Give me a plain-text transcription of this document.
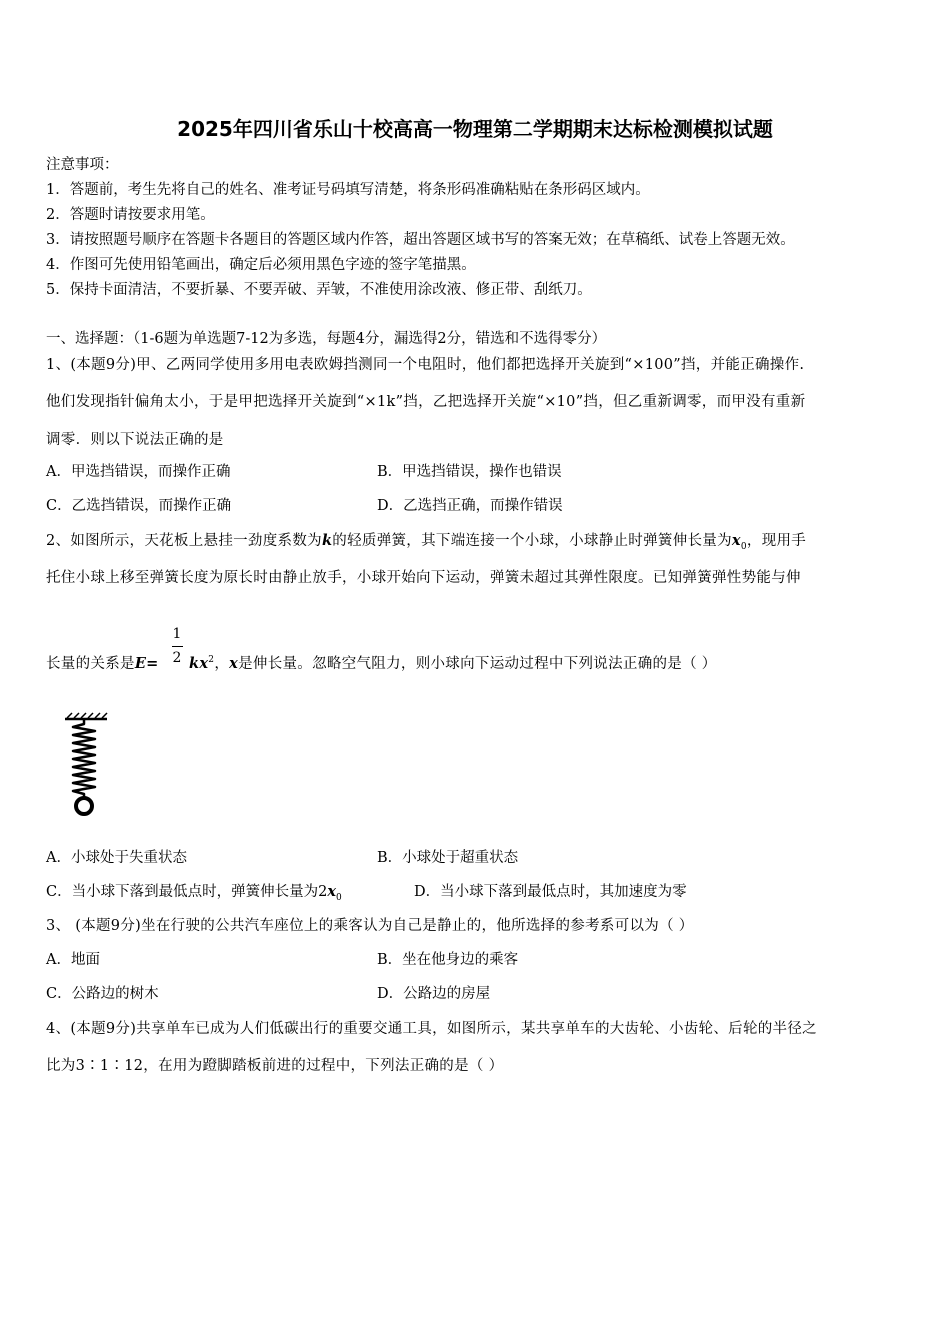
2025年四川省乐山十校高高一物理第二学期期末达标检测模拟试题
注意事项：
1．答题前，考生先将自己的姓名、准考证号码填写清楚，将条形码准确粘贴在条形码区域内。
2．答题时请按要求用笔。
3．请按照题号顺序在答题卡各题目的答题区域内作答，超出答题区域书写的答案无效；在草稿纸、试卷上答题无效。
4．作图可先使用铅笔画出，确定后必须用黑色字迹的签字笔描黑。
5．保持卡面清洁，不要折暴、不要弄破、弄皱，不准使用涂改液、修正带、刮纸刀。
一、选择题：（1-6题为单选题7-12为多选，每题4分，漏选得2分，错选和不选得零分）
1、(本题9分)甲、乙两同学使用多用电表欧姆挡测同一个电阻时，他们都把选择开关旋到“×100”挡，并能正确操作.
他们发现指针偏角太小，于是甲把选择开关旋到“×1k”挡，乙把选择开关旋“×10”挡，但乙重新调零，而甲没有重新
调零．则以下说法正确的是
A．甲选挡错误，而操作正确	B．甲选挡错误，操作也错误
C．乙选挡错误，而操作正确	D．乙选挡正确，而操作错误
2、如图所示，天花板上悬挂一劲度系数为k的轻质弹簧，其下端连接一个小球，小球静止时弹簧伸长量为$x_0$，现用手
托住小球上移至弹簧长度为原长时由静止放手，小球开始向下运动，弹簧未超过其弹性限度。已知弹簧弹性势能与伸
1
2
长量的关系是$E= kx^2$，x是伸长量。忽略空气阻力，则小球向下运动过程中下列说法正确的是（ ）
A．小球处于失重状态	B．小球处于超重状态
C．当小球下落到最低点时，弹簧伸长量为$2x_0$	D．当小球下落到最低点时，其加速度为零
3、 (本题9分)坐在行驶的公共汽车座位上的乘客认为自己是静止的，他所选择的参考系可以为（ ）
A．地面	B．坐在他身边的乘客
C．公路边的树木	D．公路边的房屋
4、(本题9分)共享单车已成为人们低碳出行的重要交通工具，如图所示，某共享单车的大齿轮、小齿轮、后轮的半径之
比为3∶1∶12，在用为蹬脚踏板前进的过程中，下列法正确的是（ ）
